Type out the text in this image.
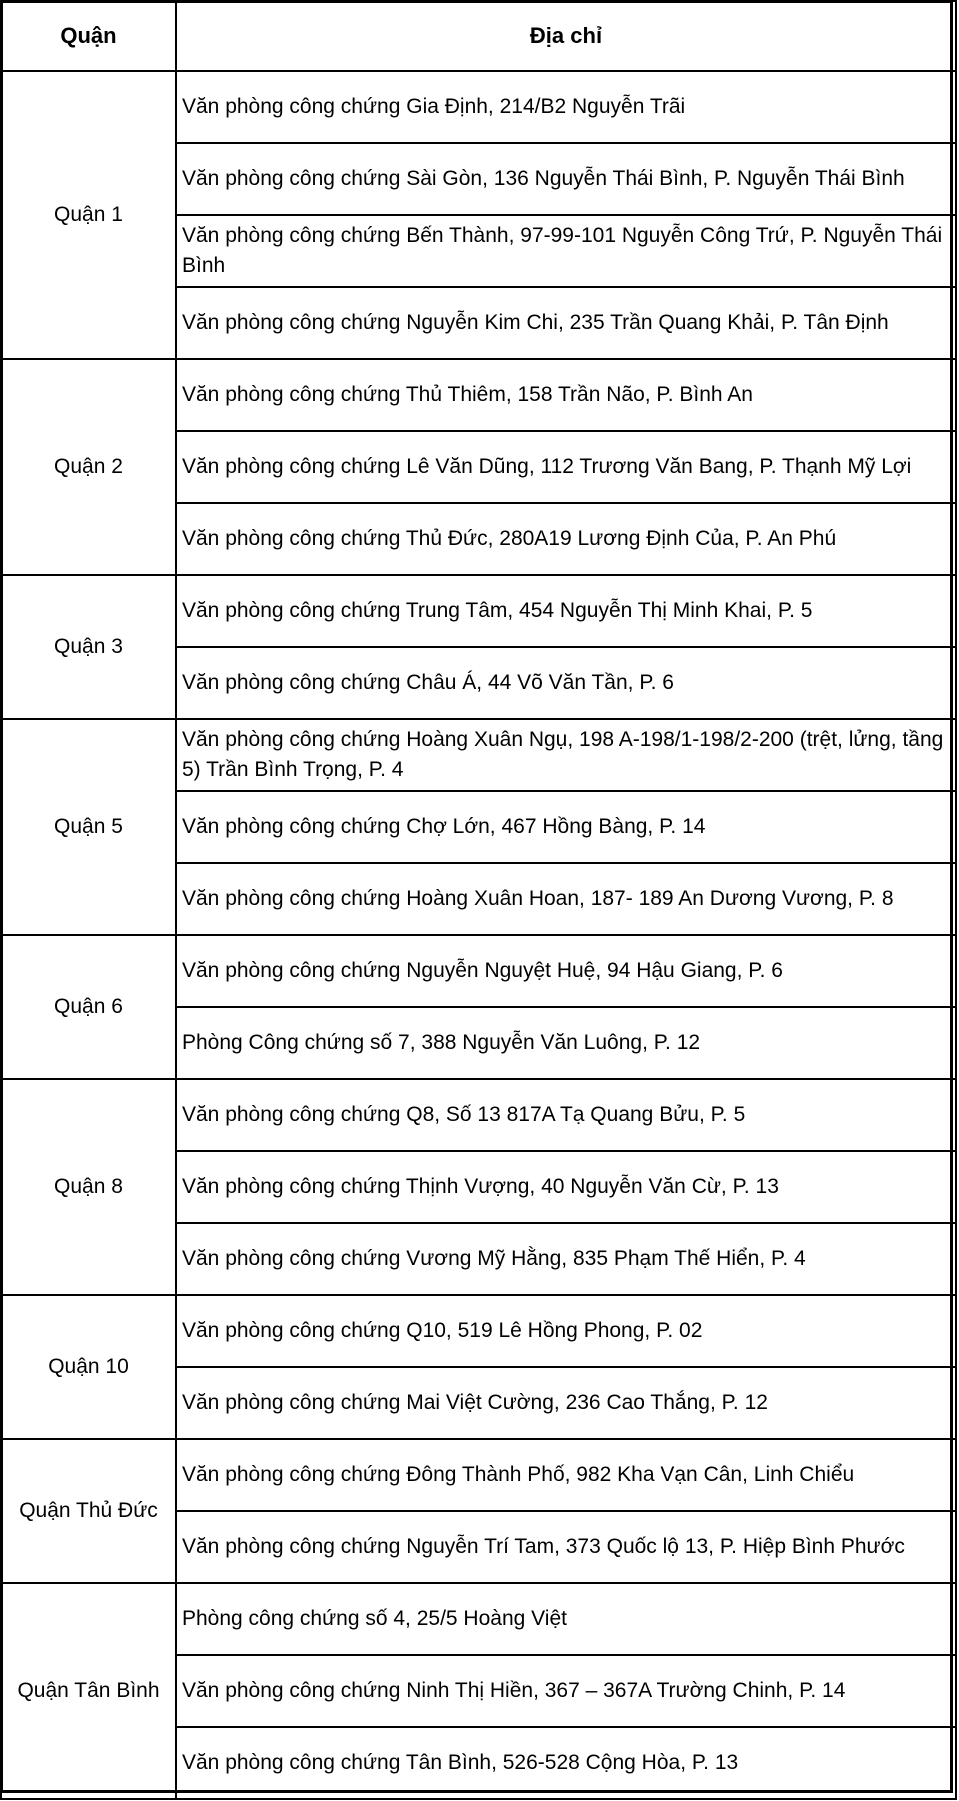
Quận	Địa chỉ
Quận 1	Văn phòng công chứng Gia Định, 214/B2 Nguyễn Trãi
	Văn phòng công chứng Sài Gòn, 136 Nguyễn Thái Bình, P. Nguyễn Thái Bình
	Văn phòng công chứng Bến Thành, 97-99-101 Nguyễn Công Trứ, P. Nguyễn Thái Bình
	Văn phòng công chứng Nguyễn Kim Chi, 235 Trần Quang Khải, P. Tân Định
Quận 2	Văn phòng công chứng Thủ Thiêm, 158 Trần Não, P. Bình An
	Văn phòng công chứng Lê Văn Dũng, 112 Trương Văn Bang, P. Thạnh Mỹ Lợi
	Văn phòng công chứng Thủ Đức, 280A19 Lương Định Của, P. An Phú
Quận 3	Văn phòng công chứng Trung Tâm, 454 Nguyễn Thị Minh Khai, P. 5
	Văn phòng công chứng Châu Á, 44 Võ Văn Tần, P. 6
Quận 5	Văn phòng công chứng Hoàng Xuân Ngụ, 198 A-198/1-198/2-200 (trệt, lửng, tầng 5) Trần Bình Trọng, P. 4
	Văn phòng công chứng Chợ Lớn, 467 Hồng Bàng, P. 14
	Văn phòng công chứng Hoàng Xuân Hoan, 187- 189 An Dương Vương, P. 8
Quận 6	Văn phòng công chứng Nguyễn Nguyệt Huệ, 94 Hậu Giang, P. 6
	Phòng Công chứng số 7, 388 Nguyễn Văn Luông, P. 12
Quận 8	Văn phòng công chứng Q8, Số 13 817A Tạ Quang Bửu, P. 5
	Văn phòng công chứng Thịnh Vượng, 40 Nguyễn Văn Cừ, P. 13
	Văn phòng công chứng Vương Mỹ Hằng, 835 Phạm Thế Hiển, P. 4
Quận 10	Văn phòng công chứng Q10, 519 Lê Hồng Phong, P. 02
	Văn phòng công chứng Mai Việt Cường, 236 Cao Thắng, P. 12
Quận Thủ Đức	Văn phòng công chứng Đông Thành Phố, 982 Kha Vạn Cân, Linh Chiểu
	Văn phòng công chứng Nguyễn Trí Tam, 373 Quốc lộ 13, P. Hiệp Bình Phước
Quận Tân Bình	Phòng công chứng số 4, 25/5 Hoàng Việt
	Văn phòng công chứng Ninh Thị Hiền, 367 – 367A Trường Chinh, P. 14
	Văn phòng công chứng Tân Bình, 526-528 Cộng Hòa, P. 13
